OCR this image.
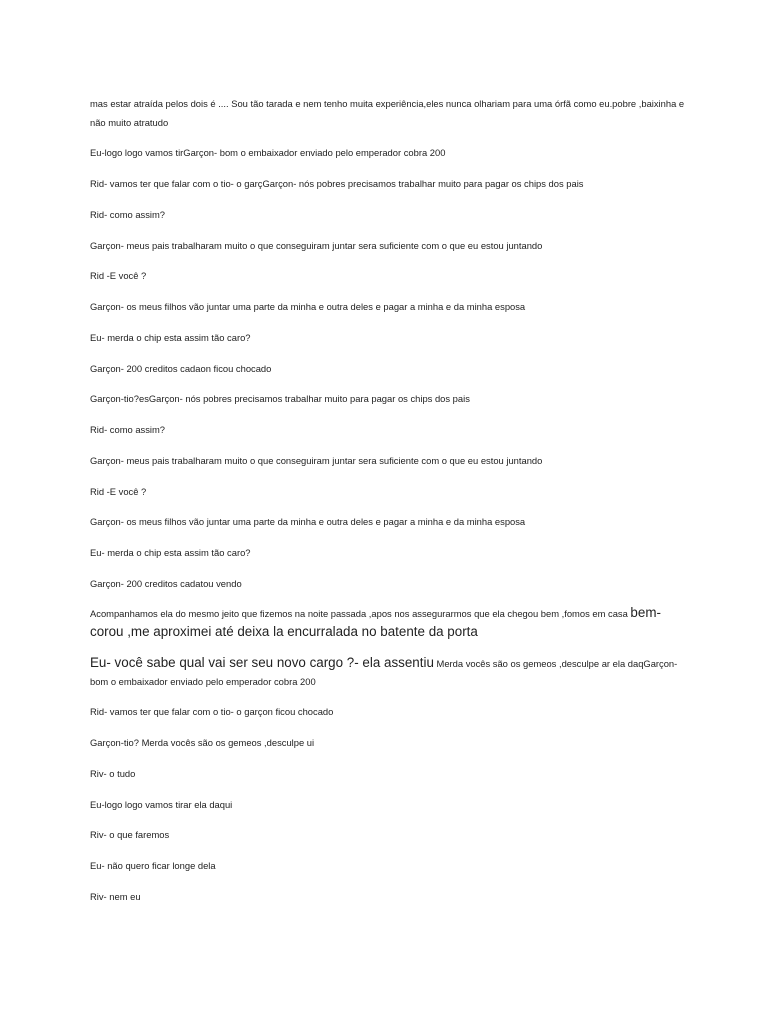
mas estar atraída pelos dois é .... Sou tão tarada e nem tenho muita experiência,eles nunca olhariam para uma órfã como eu.pobre ,baixinha e
não muito atratudo
Eu-logo logo vamos tirGarçon- bom o embaixador enviado pelo emperador cobra 200
Rid- vamos ter que falar com o tio- o garçGarçon- nós pobres precisamos trabalhar muito para pagar os chips dos pais
Rid- como assim?
Garçon- meus pais trabalharam muito o que conseguiram juntar sera suficiente com o que eu estou juntando
Rid -E você ?
Garçon- os meus filhos vão juntar uma parte da minha e outra deles e pagar a minha e da minha esposa
Eu- merda o chip esta assim tão caro?
Garçon- 200 creditos cadaon ficou chocado
Garçon-tio?esGarçon- nós pobres precisamos trabalhar muito para pagar os chips dos pais
Rid- como assim?
Garçon- meus pais trabalharam muito o que conseguiram juntar sera suficiente com o que eu estou juntando
Rid -E você ?
Garçon- os meus filhos vão juntar uma parte da minha e outra deles e pagar a minha e da minha esposa
Eu- merda o chip esta assim tão caro?
Garçon- 200 creditos cadatou vendo
Acompanhamos ela do mesmo jeito que fizemos na noite passada ,apos nos assegurarmos que ela chegou bem ,fomos em casa bem-
corou ,me aproximei até deixa la encurralada no batente da porta
Eu- você sabe qual vai ser seu novo cargo ?- ela assentiu Merda vocês são os gemeos ,desculpe ar ela daqGarçon-
bom o embaixador enviado pelo emperador cobra 200
Rid- vamos ter que falar com o tio- o garçon ficou chocado
Garçon-tio? Merda vocês são os gemeos ,desculpe ui
Riv- o tudo
Eu-logo logo vamos tirar ela daqui
Riv- o que faremos
Eu- não quero ficar longe dela
Riv- nem eu
